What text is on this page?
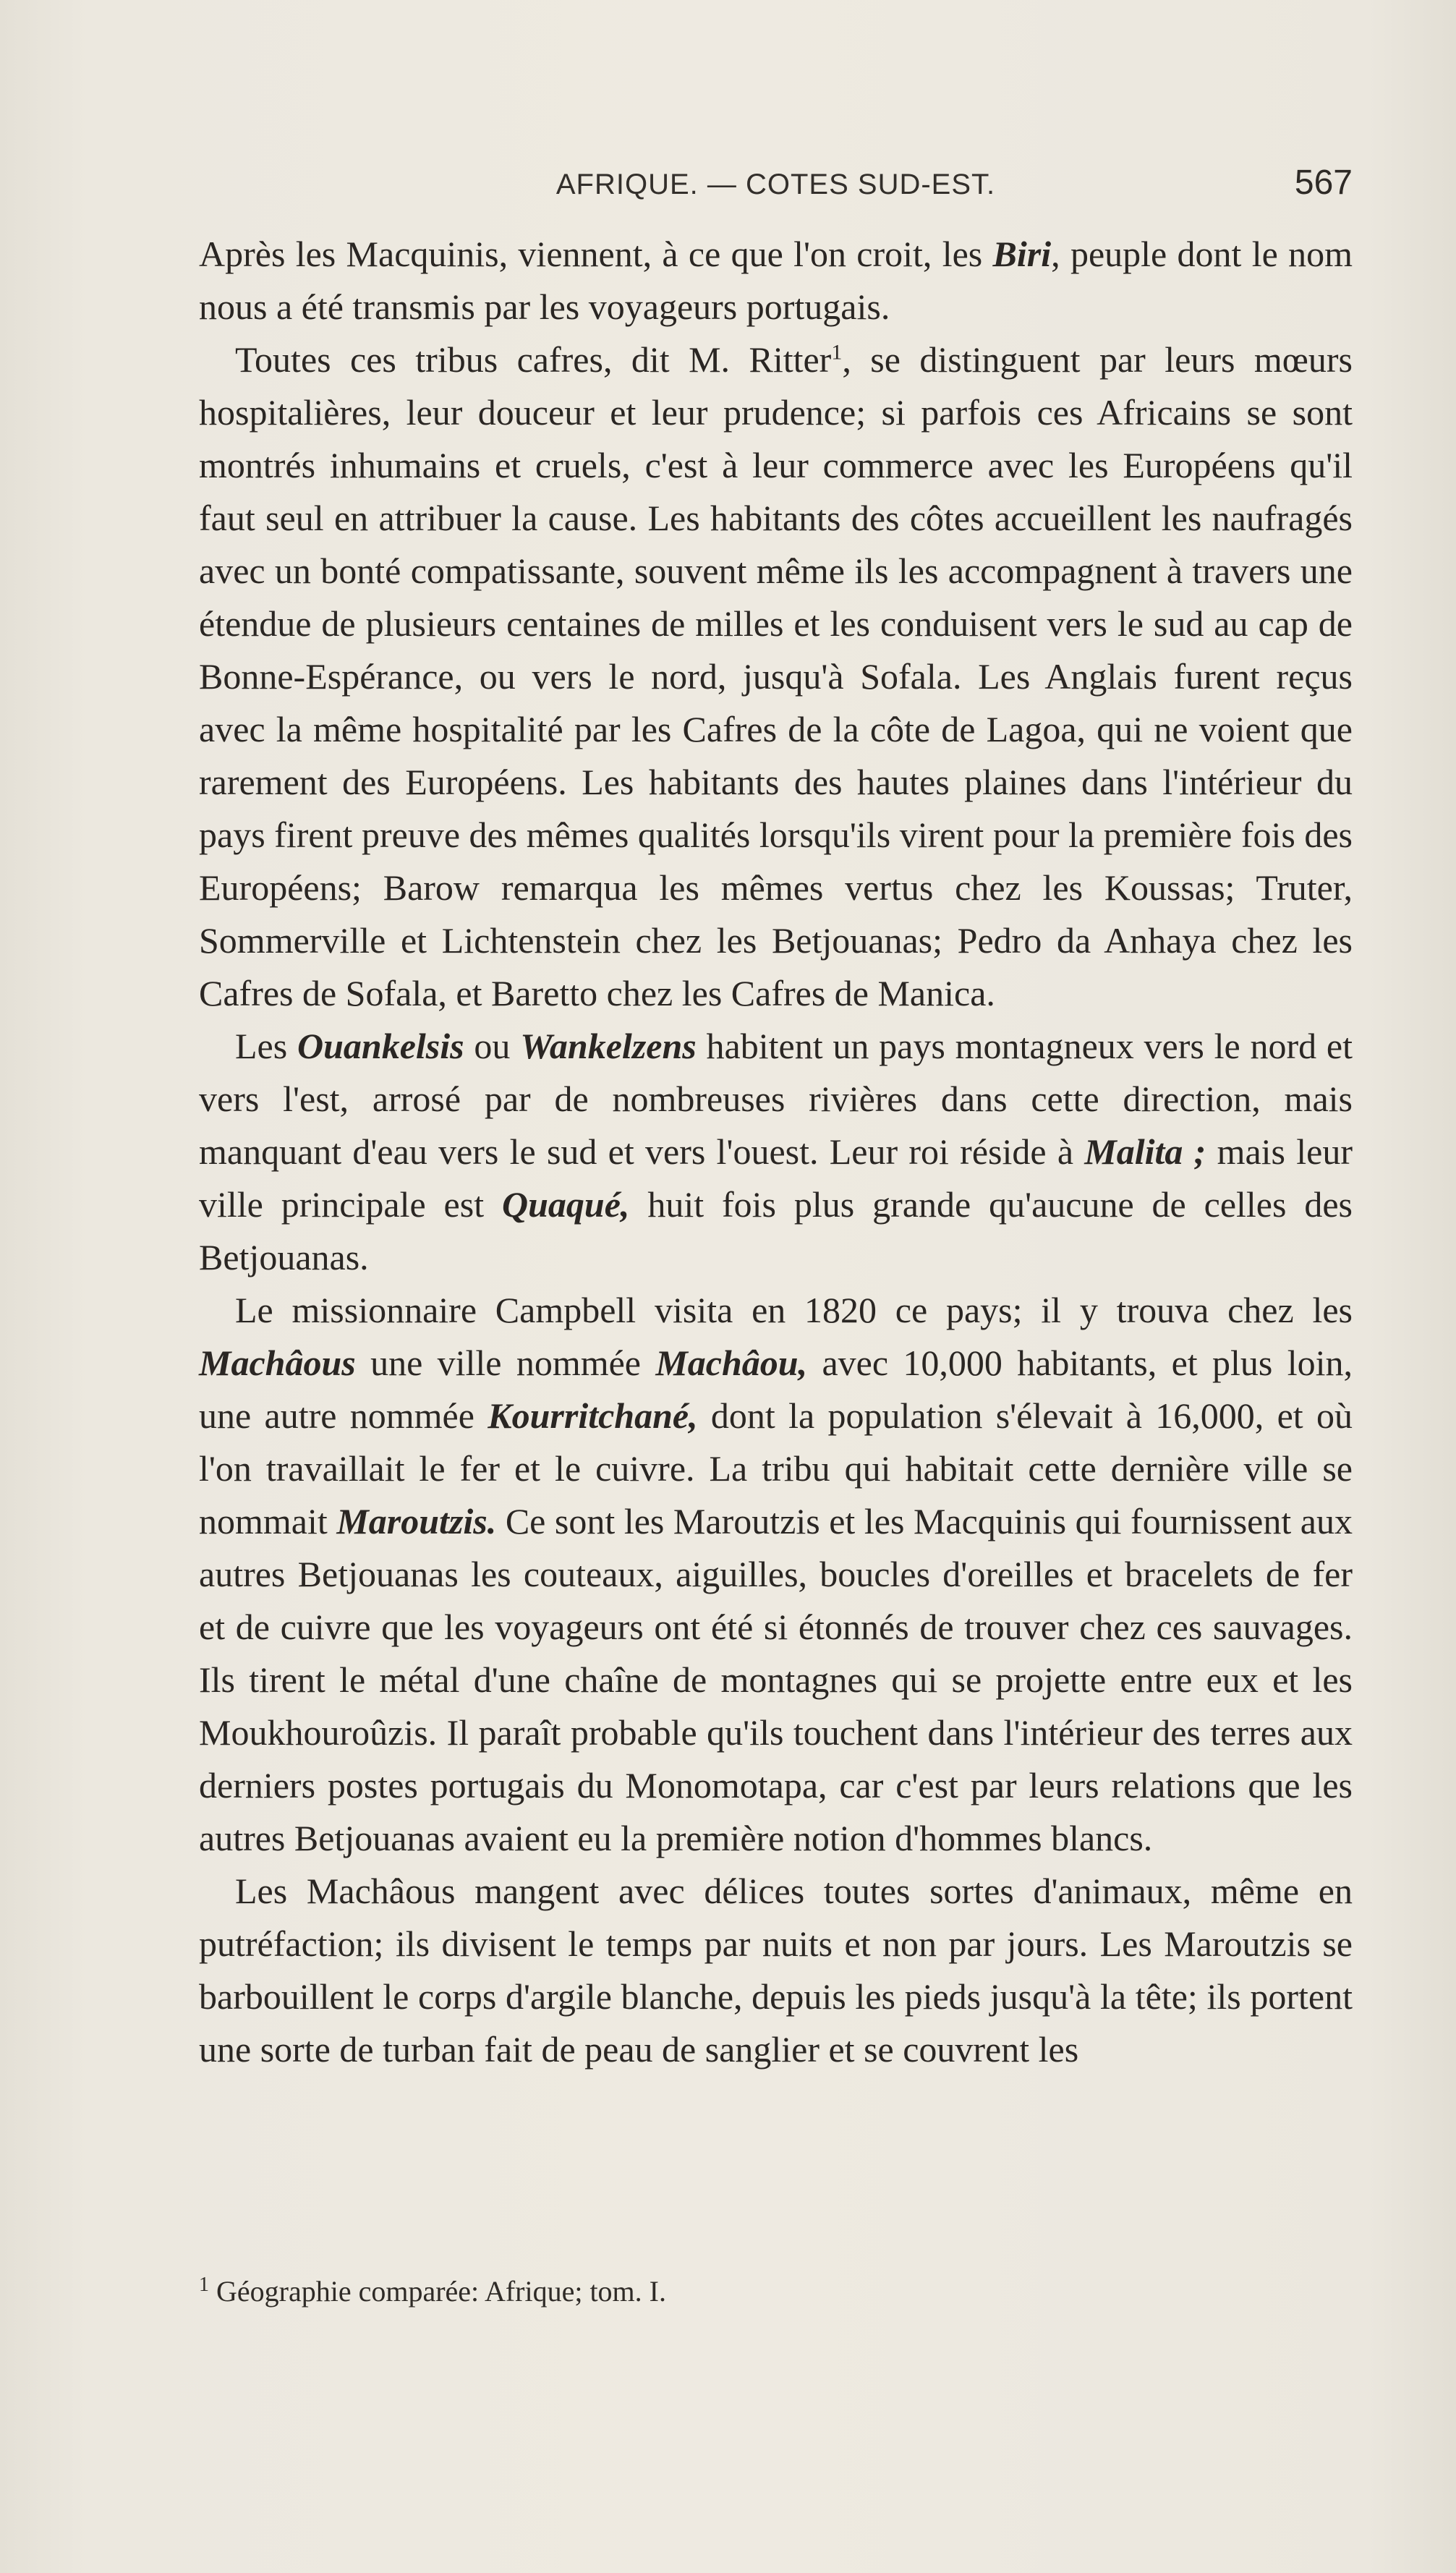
AFRIQUE. — COTES SUD-EST.	567

Après les Macquinis, viennent, à ce que l'on croit, les Biri, peuple dont le nom nous a été transmis par les voyageurs portugais.

Toutes ces tribus cafres, dit M. Ritter$^1$, se distinguent par leurs mœurs hospitalières, leur douceur et leur prudence; si parfois ces Africains se sont montrés inhumains et cruels, c'est à leur commerce avec les Européens qu'il faut seul en attribuer la cause. Les habitants des côtes accueillent les naufragés avec un bonté compatissante, souvent même ils les accompagnent à travers une étendue de plusieurs centaines de milles et les conduisent vers le sud au cap de Bonne-Espérance, ou vers le nord, jusqu'à Sofala. Les Anglais furent reçus avec la même hospitalité par les Cafres de la côte de Lagoa, qui ne voient que rarement des Européens. Les habitants des hautes plaines dans l'intérieur du pays firent preuve des mêmes qualités lorsqu'ils virent pour la première fois des Européens; Barow remarqua les mêmes vertus chez les Koussas; Truter, Sommerville et Lichtenstein chez les Betjouanas; Pedro da Anhaya chez les Cafres de Sofala, et Baretto chez les Cafres de Manica.

Les Ouankelsis ou Wankelzens habitent un pays montagneux vers le nord et vers l'est, arrosé par de nombreuses rivières dans cette direction, mais manquant d'eau vers le sud et vers l'ouest. Leur roi réside à Malita ; mais leur ville principale est Quaqué, huit fois plus grande qu'aucune de celles des Betjouanas.

Le missionnaire Campbell visita en 1820 ce pays; il y trouva chez les Machâous une ville nommée Machâou, avec 10,000 habitants, et plus loin, une autre nommée Kourritchané, dont la population s'élevait à 16,000, et où l'on travaillait le fer et le cuivre. La tribu qui habitait cette dernière ville se nommait Maroutzis. Ce sont les Maroutzis et les Macquinis qui fournissent aux autres Betjouanas les couteaux, aiguilles, boucles d'oreilles et bracelets de fer et de cuivre que les voyageurs ont été si étonnés de trouver chez ces sauvages. Ils tirent le métal d'une chaîne de montagnes qui se projette entre eux et les Moukhouroûzis. Il paraît probable qu'ils touchent dans l'intérieur des terres aux derniers postes portugais du Monomotapa, car c'est par leurs relations que les autres Betjouanas avaient eu la première notion d'hommes blancs.

Les Machâous mangent avec délices toutes sortes d'animaux, même en putréfaction; ils divisent le temps par nuits et non par jours. Les Maroutzis se barbouillent le corps d'argile blanche, depuis les pieds jusqu'à la tête; ils portent une sorte de turban fait de peau de sanglier et se couvrent les

$^1$ Géographie comparée: Afrique; tom. I.
